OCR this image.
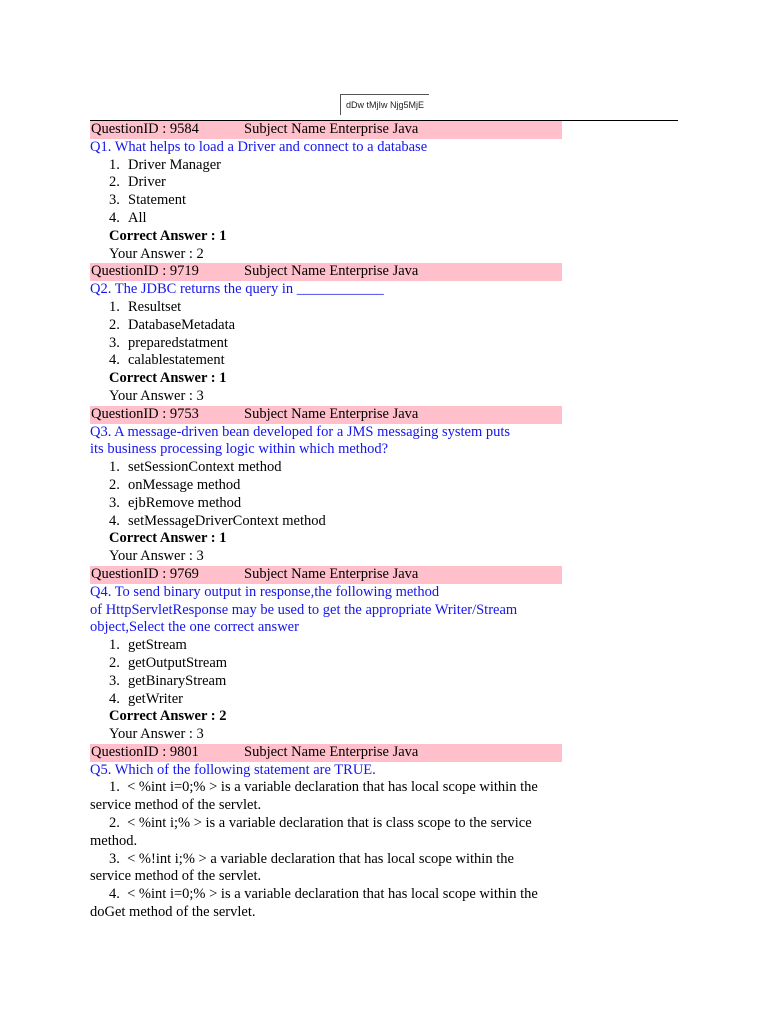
dDw tMjIw Njg5MjE
QuestionID : 9584	Subject Name Enterprise Java
Q1. What helps to load a Driver and connect to a database
1. Driver Manager
2. Driver
3. Statement
4. All
Correct Answer : 1
Your Answer : 2
QuestionID : 9719	Subject Name Enterprise Java
Q2. The JDBC returns the query in ____________
1. Resultset
2. DatabaseMetadata
3. preparedstatment
4. calablestatement
Correct Answer : 1
Your Answer : 3
QuestionID : 9753	Subject Name Enterprise Java
Q3. A message-driven bean developed for a JMS messaging system puts
its business processing logic within which method?
1. setSessionContext method
2. onMessage method
3. ejbRemove method
4. setMessageDriverContext method
Correct Answer : 1
Your Answer : 3
QuestionID : 9769	Subject Name Enterprise Java
Q4. To send binary output in response,the following method
of HttpServletResponse may be used to get the appropriate Writer/Stream
object,Select the one correct answer
1. getStream
2. getOutputStream
3. getBinaryStream
4. getWriter
Correct Answer : 2
Your Answer : 3
QuestionID : 9801	Subject Name Enterprise Java
Q5. Which of the following statement are TRUE.
1. < %int i=0;% > is a variable declaration that has local scope within the
service method of the servlet.
2. < %int i;% > is a variable declaration that is class scope to the service
method.
3. < %!int i;% > a variable declaration that has local scope within the
service method of the servlet.
4. < %int i=0;% > is a variable declaration that has local scope within the
doGet method of the servlet.
